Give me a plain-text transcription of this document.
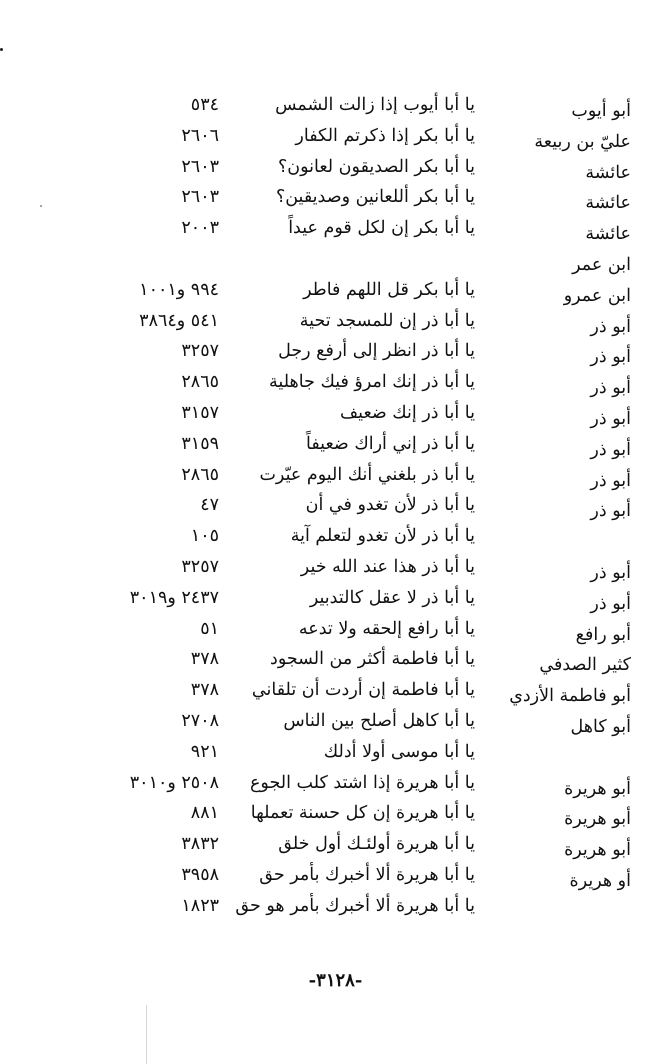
أبو أيوب
يا أبا أيوب إذا زالت الشمس
٥٣٤
عليّ بن ربيعة
يا أبا بكر إذا ذكرتم الكفار
٢٦٠٦
عائشة
يا أبا بكر الصديقون لعانون؟
٢٦٠٣
عائشة
يا أبا بكر أللعانين وصديقين؟
٢٦٠٣
عائشة
يا أبا بكر إن لكل قوم عيداً
٢٠٠٣
ابن عمر
ابن عمرو
يا أبا بكر قل اللهم فاطر
٩٩٤ و١٠٠١
أبو ذر
يا أبا ذر إن للمسجد تحية
٥٤١ و٣٨٦٤
أبو ذر
يا أبا ذر انظر إلى أرفع رجل
٣٢٥٧
أبو ذر
يا أبا ذر إنك امرؤ فيك جاهلية
٢٨٦٥
أبو ذر
يا أبا ذر إنك ضعيف
٣١٥٧
أبو ذر
يا أبا ذر إني أراك ضعيفاً
٣١٥٩
أبو ذر
يا أبا ذر بلغني أنك اليوم عيّرت
٢٨٦٥
أبو ذر
يا أبا ذر لأن تغدو في أن
٤٧
يا أبا ذر لأن تغدو لتعلم آية
١٠٥
أبو ذر
يا أبا ذر هذا عند الله خير
٣٢٥٧
أبو ذر
يا أبا ذر لا عقل كالتدبير
٢٤٣٧ و٣٠١٩
أبو رافع
يا أبا رافع إلحقه ولا تدعه
٥١
كثير الصدفي
يا أبا فاطمة أكثر من السجود
٣٧٨
أبو فاطمة الأزدي
يا أبا فاطمة إن أردت أن تلقاني
٣٧٨
أبو كاهل
يا أبا كاهل أصلح بين الناس
٢٧٠٨
يا أبا موسى أولا أدلك
٩٢١
أبو هريرة
يا أبا هريرة إذا اشتد كلب الجوع
٢٥٠٨ و٣٠١٠
أبو هريرة
يا أبا هريرة إن كل حسنة تعملها
٨٨١
أبو هريرة
يا أبا هريرة أولئـك أول خلق
٣٨٣٢
أو هريرة
يا أبا هريرة ألا أخبرك بأمر حق
٣٩٥٨
يا أبا هريرة ألا أخبرك بأمر هو حق
١٨٢٣
-٣١٢٨-
